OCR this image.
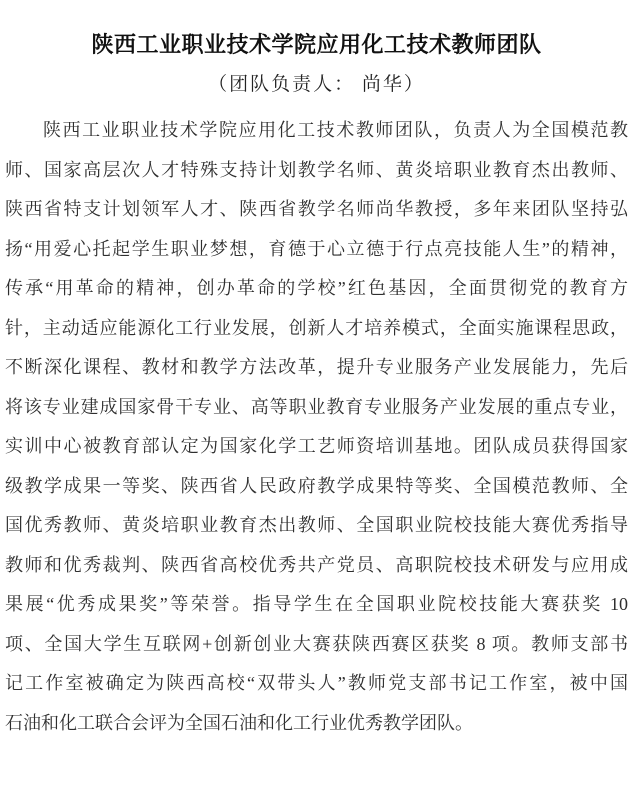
陕西工业职业技术学院应用化工技术教师团队
（团队负责人： 尚华）
陕西工业职业技术学院应用化工技术教师团队，负责人为全国模范教
师、国家高层次人才特殊支持计划教学名师、黄炎培职业教育杰出教师、
陕西省特支计划领军人才、陕西省教学名师尚华教授，多年来团队坚持弘
扬“用爱心托起学生职业梦想，育德于心立德于行点亮技能人生”的精神，
传承“用革命的精神，创办革命的学校”红色基因，全面贯彻党的教育方
针，主动适应能源化工行业发展，创新人才培养模式，全面实施课程思政，
不断深化课程、教材和教学方法改革，提升专业服务产业发展能力，先后
将该专业建成国家骨干专业、高等职业教育专业服务产业发展的重点专业，
实训中心被教育部认定为国家化学工艺师资培训基地。团队成员获得国家
级教学成果一等奖、陕西省人民政府教学成果特等奖、全国模范教师、全
国优秀教师、黄炎培职业教育杰出教师、全国职业院校技能大赛优秀指导
教师和优秀裁判、陕西省高校优秀共产党员、高职院校技术研发与应用成
果展“优秀成果奖”等荣誉。指导学生在全国职业院校技能大赛获奖 10
项、全国大学生互联网+创新创业大赛获陕西赛区获奖 8 项。教师支部书
记工作室被确定为陕西高校“双带头人”教师党支部书记工作室，被中国
石油和化工联合会评为全国石油和化工行业优秀教学团队。
